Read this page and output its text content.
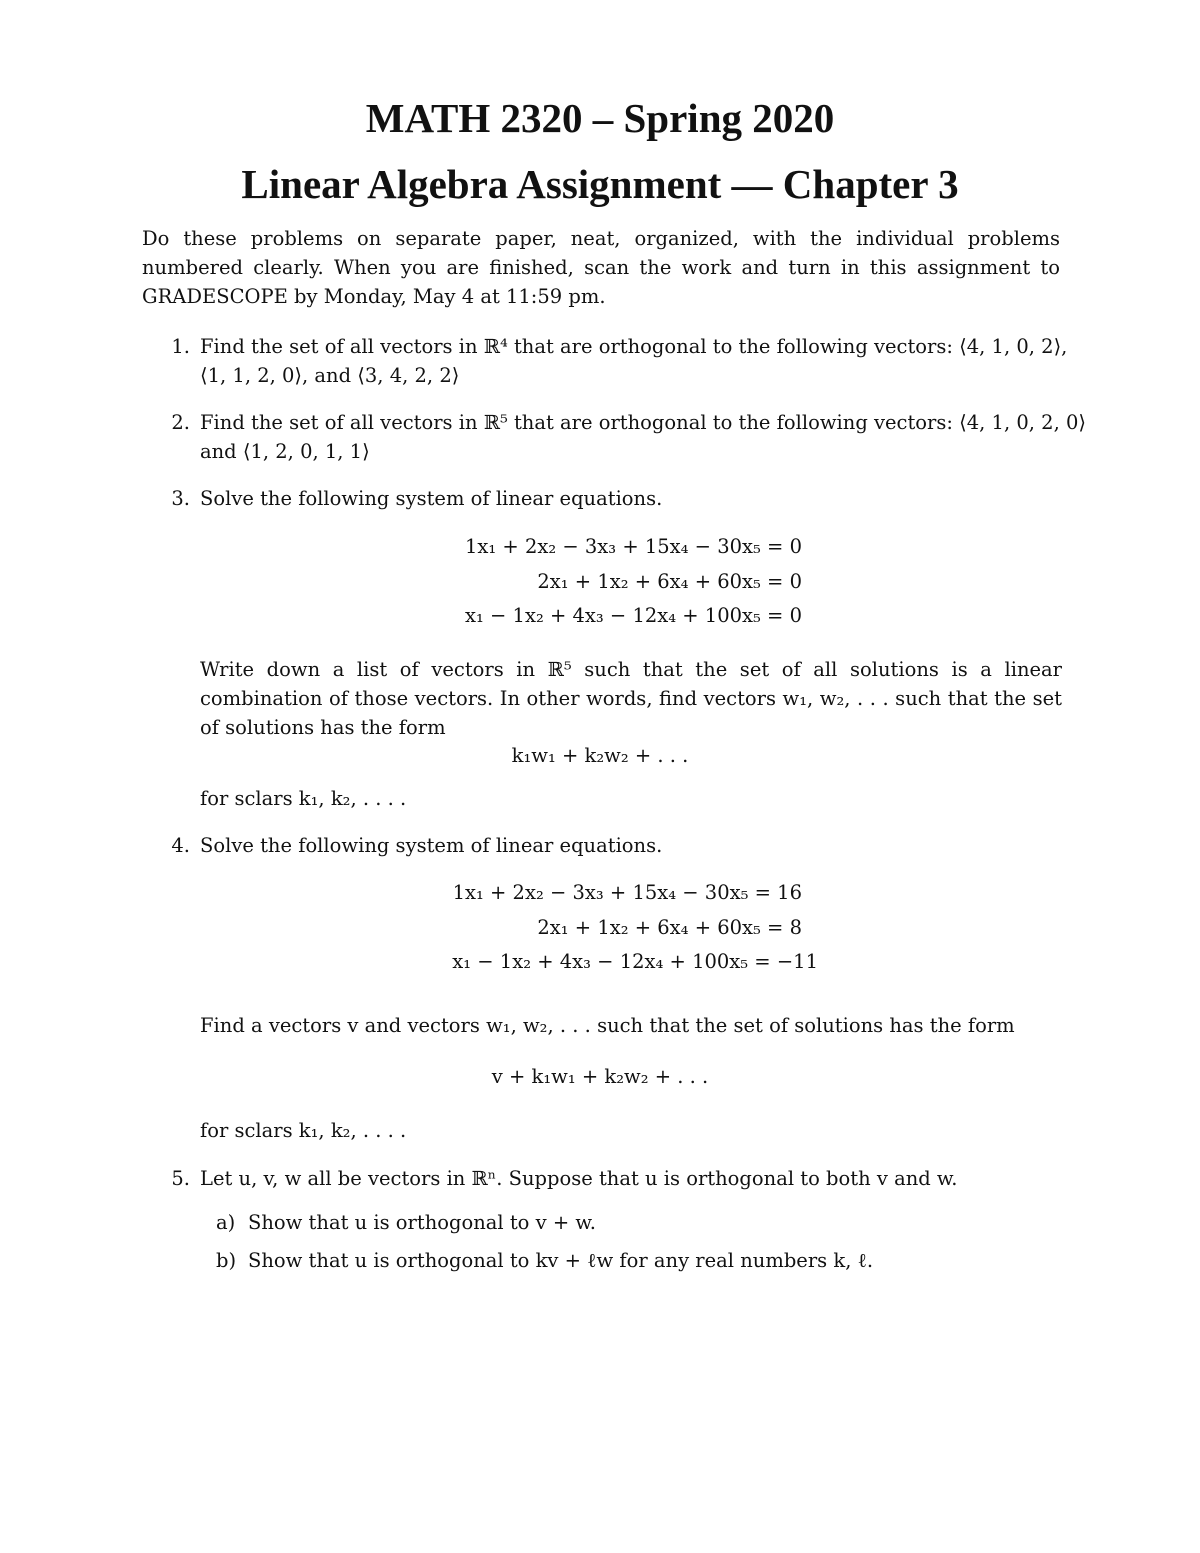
MATH 2320 – Spring 2020
Linear Algebra Assignment — Chapter 3
Do these problems on separate paper, neat, organized, with the individual problems numbered clearly. When you are finished, scan the work and turn in this assignment to GRADESCOPE by Monday, May 4 at 11:59 pm.
1. Find the set of all vectors in ℝ⁴ that are orthogonal to the following vectors: ⟨4, 1, 0, 2⟩,
⟨1, 1, 2, 0⟩, and ⟨3, 4, 2, 2⟩
2. Find the set of all vectors in ℝ⁵ that are orthogonal to the following vectors: ⟨4, 1, 0, 2, 0⟩
and ⟨1, 2, 0, 1, 1⟩
3. Solve the following system of linear equations.
1x₁ + 2x₂ − 3x₃ + 15x₄ − 30x₅ = 0
2x₁ + 1x₂ + 6x₄ + 60x₅ = 0
x₁ − 1x₂ + 4x₃ − 12x₄ + 100x₅ = 0
Write down a list of vectors in ℝ⁵ such that the set of all solutions is a linear combination of those vectors. In other words, find vectors w₁, w₂, . . . such that the set of solutions has the form
k₁w₁ + k₂w₂ + . . .
for sclars k₁, k₂, . . . .
4. Solve the following system of linear equations.
1x₁ + 2x₂ − 3x₃ + 15x₄ − 30x₅ = 16
2x₁ + 1x₂ + 6x₄ + 60x₅ = 8
x₁ − 1x₂ + 4x₃ − 12x₄ + 100x₅ = −11
Find a vectors v and vectors w₁, w₂, . . . such that the set of solutions has the form
v + k₁w₁ + k₂w₂ + . . .
for sclars k₁, k₂, . . . .
5. Let u, v, w all be vectors in ℝⁿ. Suppose that u is orthogonal to both v and w.
a) Show that u is orthogonal to v + w.
b) Show that u is orthogonal to kv + ℓw for any real numbers k, ℓ.
